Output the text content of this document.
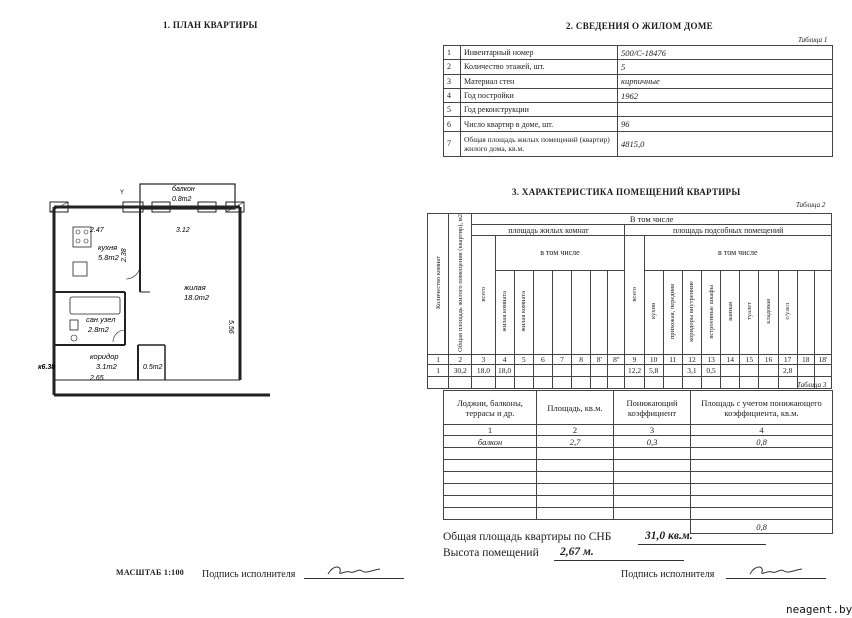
1. ПЛАН КВАРТИРЫ
балкон
0.8m2
Y
2.47	3.12
2.38
5.56
кухня
5.8m2
жилая
18.0m2
сан.узел
2.8m2
коридор
3.1m2	0.5m2
2.65
к6.38
МАСШТАБ 1:100 Подпись исполнителя
2. СВЕДЕНИЯ О ЖИЛОМ ДОМЕ
Таблица 1
1	Инвентарный номер	500/С-18476
2	Количество этажей, шт.	5
3	Материал стен	кирпичные
4	Год постройки	1962
5	Год реконструкции	
6	Число квартир в доме, шт.	96
7	Общая площадь жилых помещений (квартир) жилого дома, кв.м.	4815,0
3. ХАРАКТЕРИСТИКА ПОМЕЩЕНИЙ КВАРТИРЫ
Таблица 2
Количество комнат	Общая площадь жилого помещения (квартир), м2	В том числе																		
		площадь жилых комнат								площадь подсобных помещений										
		всего	в том числе							всего	в том числе									
			жилая комната	жилая комната							кухня	прихожая, передняя	коридоры внутренние	встроенные шкафы	ванная	туалет	кладовая	с/узел		
1	2	3	4	5	6	7	8	8'	8''	9	10	11	12	13	14	15	16	17	18	18'
1	30,2	18,0	18,0							12,2	5,8		3,1	0,5				2,8		

Таблица 3
Лоджии, балконы, террасы и др.	Площадь, кв.м.	Понижающий коэффициент	Площадь с учетом понижающего коэффициента, кв.м.
1	2	3	4
балкон	2,7	0,3	0,8

			0,8
Общая площадь квартиры по СНБ	31,0 кв.м.
Высота помещений 2,67 м.
Подпись исполнителя
neagent.by
